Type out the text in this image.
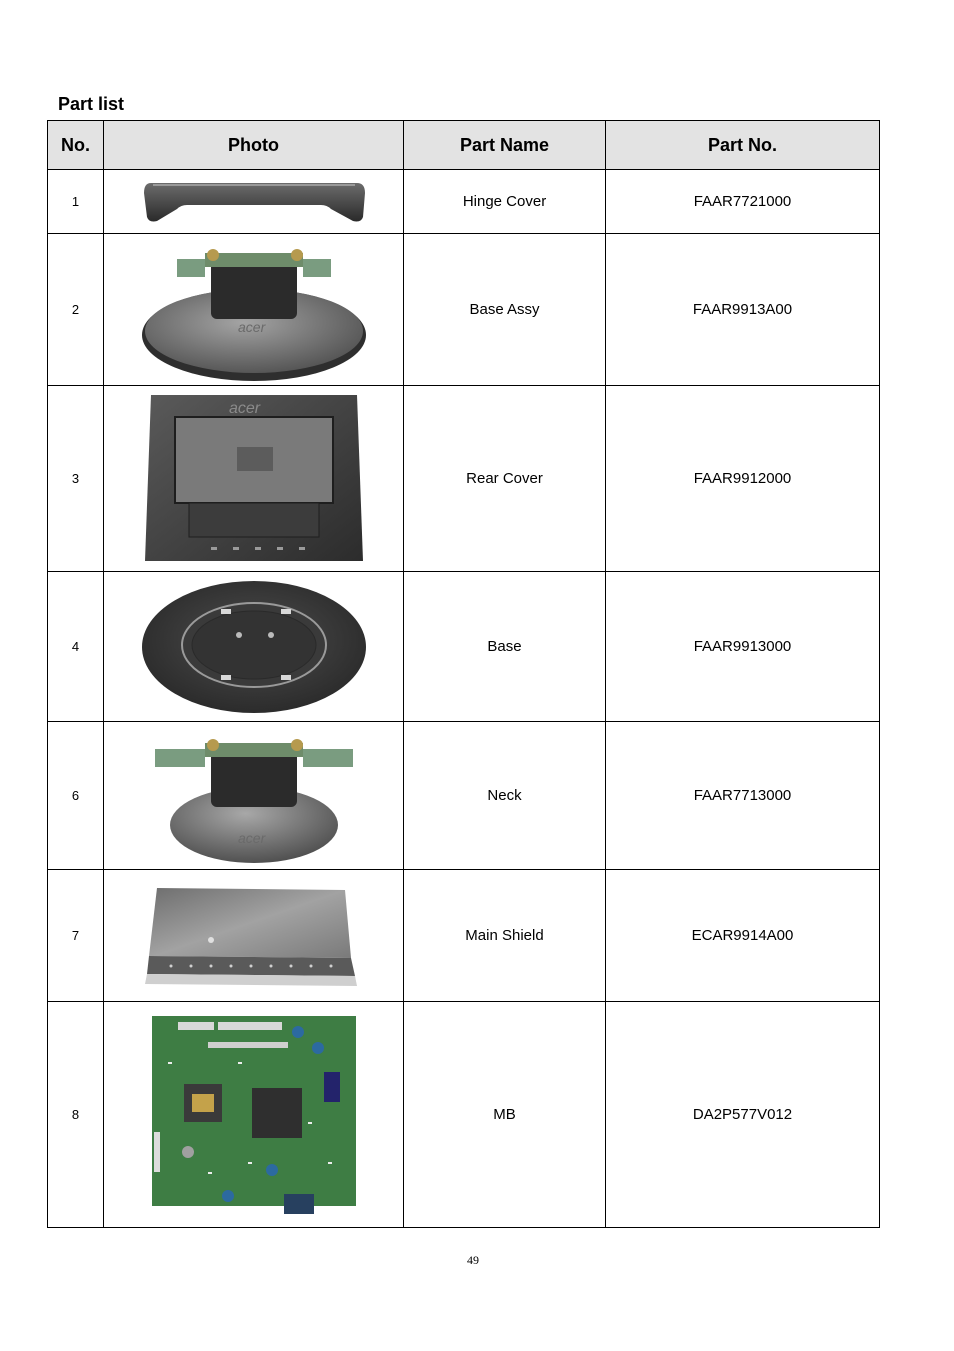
Part list
No.	Photo	Part Name	Part No.
1		Hinge Cover	FAAR7721000
2	acer	Base Assy	FAAR9913A00
3	acer	Rear Cover	FAAR9912000
4		Base	FAAR9913000
6	acer	Neck	FAAR7713000
7		Main Shield	ECAR9914A00
8		MB	DA2P577V012
49
